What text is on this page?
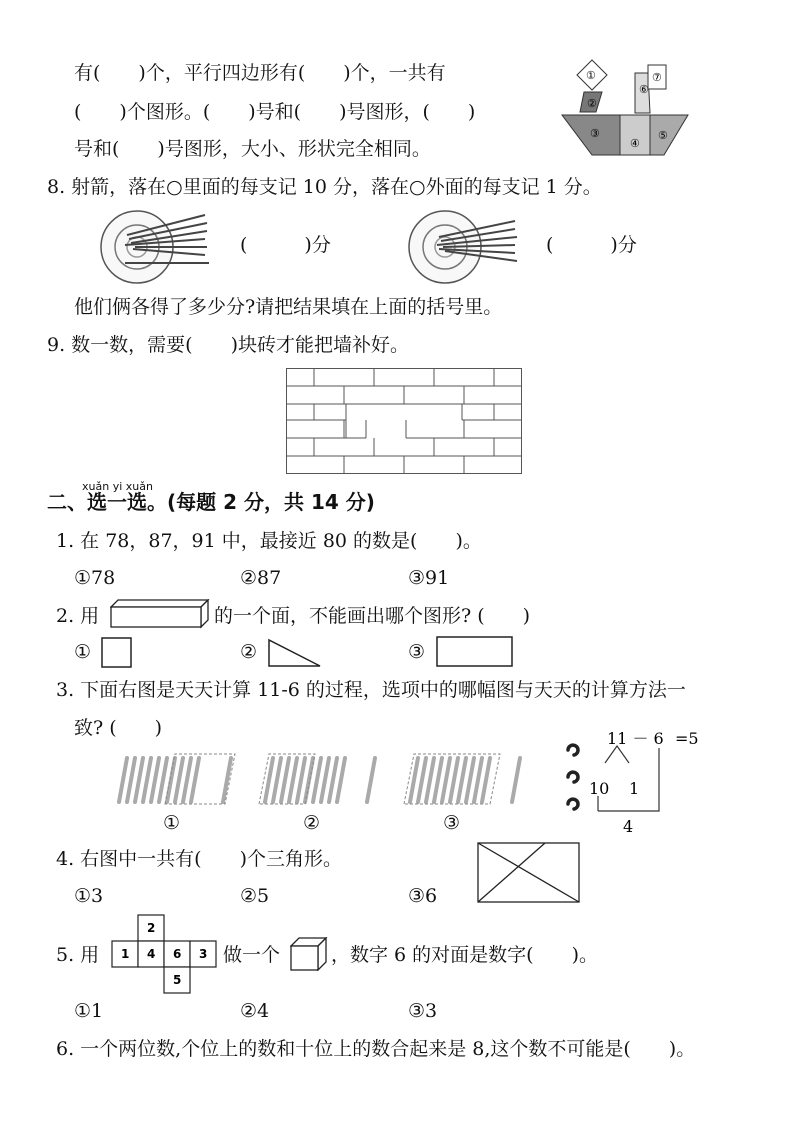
有(　　)个，平行四边形有(　　)个，一共有
(　　)个图形。(　　)号和(　　)号图形，(　　)
号和(　　)号图形，大小、形状完全相同。
①
②
③
④
⑤
⑥
⑦
8. 射箭，落在○里面的每支记 10 分，落在○外面的每支记 1 分。
(　　　)分	(　　　)分
他们俩各得了多少分?请把结果填在上面的括号里。
9. 数一数，需要(　　)块砖才能把墙补好。
xuǎn yi xuǎn
二、选一选。(每题 2 分，共 14 分)
1. 在 78，87，91 中，最接近 80 的数是(　　)。
①78	②87	③91
2. 用	的一个面，不能画出哪个图形? (　　)
①	②	③
3. 下面右图是天天计算 11-6 的过程，选项中的哪幅图与天天的计算方法一
致? (　　)
①	②	③
11 － 6 =5
10 1
4
4. 右图中一共有(　　)个三角形。
①3	②5	③6
5. 用
2
1 4 6 3
5
做一个	，数字 6 的对面是数字(　　)。
①1	②4	③3
6. 一个两位数,个位上的数和十位上的数合起来是 8,这个数不可能是(　　)。
